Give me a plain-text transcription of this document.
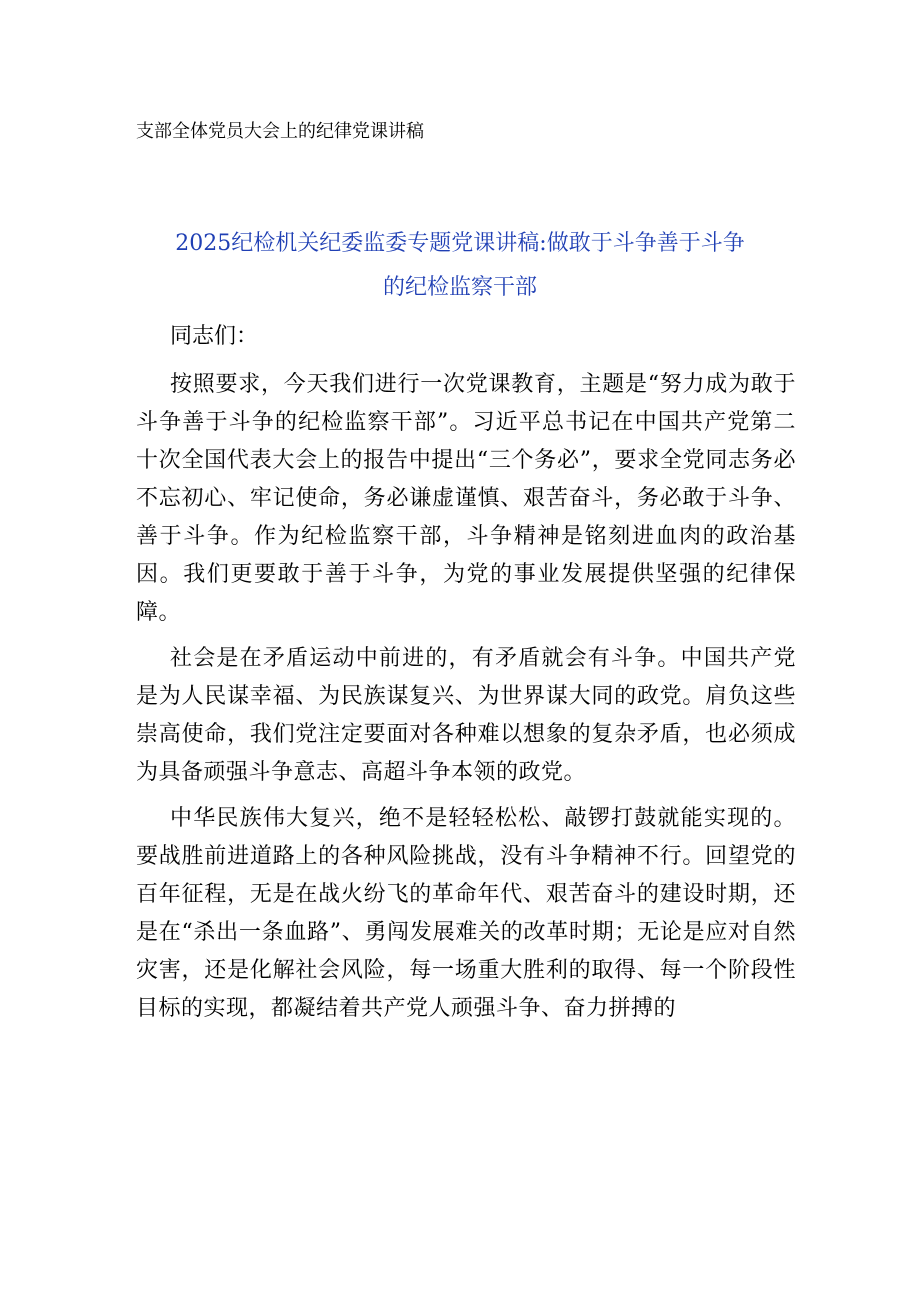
支部全体党员大会上的纪律党课讲稿
2025纪检机关纪委监委专题党课讲稿:做敢于斗争善于斗争
的纪检监察干部

同志们：

按照要求，今天我们进行一次党课教育，主题是“努力成为敢于斗争善于斗争的纪检监察干部”。习近平总书记在中国共产党第二十次全国代表大会上的报告中提出“三个务必”，要求全党同志务必不忘初心、牢记使命，务必谦虚谨慎、艰苦奋斗，务必敢于斗争、善于斗争。作为纪检监察干部，斗争精神是铭刻进血肉的政治基因。我们更要敢于善于斗争，为党的事业发展提供坚强的纪律保障。

社会是在矛盾运动中前进的，有矛盾就会有斗争。中国共产党是为人民谋幸福、为民族谋复兴、为世界谋大同的政党。肩负这些崇高使命，我们党注定要面对各种难以想象的复杂矛盾，也必须成为具备顽强斗争意志、高超斗争本领的政党。

中华民族伟大复兴，绝不是轻轻松松、敲锣打鼓就能实现的。要战胜前进道路上的各种风险挑战，没有斗争精神不行。回望党的百年征程，无是在战火纷飞的革命年代、艰苦奋斗的建设时期，还是在“杀出一条血路”、勇闯发展难关的改革时期；无论是应对自然灾害，还是化解社会风险，每一场重大胜利的取得、每一个阶段性目标的实现，都凝结着共产党人顽强斗争、奋力拼搏的
